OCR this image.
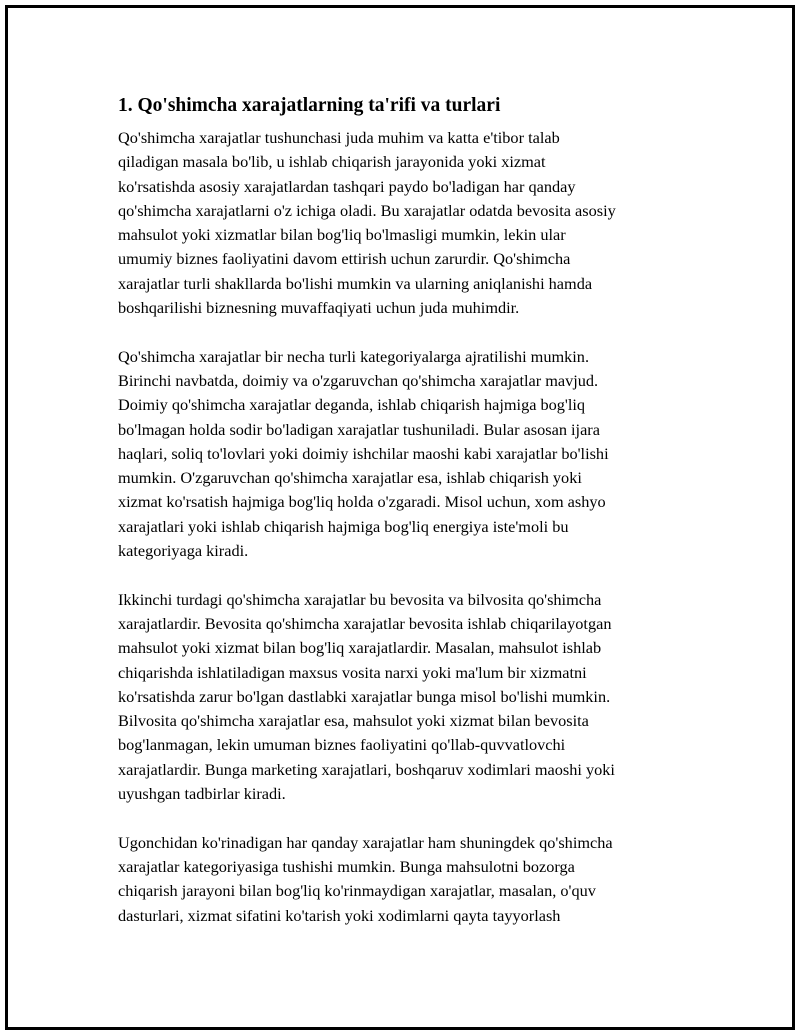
1. Qo'shimcha xarajatlarning ta'rifi va turlari
Qo'shimcha xarajatlar tushunchasi juda muhim va katta e'tibor talab
qiladigan masala bo'lib, u ishlab chiqarish jarayonida yoki xizmat
ko'rsatishda asosiy xarajatlardan tashqari paydo bo'ladigan har qanday
qo'shimcha xarajatlarni o'z ichiga oladi. Bu xarajatlar odatda bevosita asosiy
mahsulot yoki xizmatlar bilan bog'liq bo'lmasligi mumkin, lekin ular
umumiy biznes faoliyatini davom ettirish uchun zarurdir. Qo'shimcha
xarajatlar turli shakllarda bo'lishi mumkin va ularning aniqlanishi hamda
boshqarilishi biznesning muvaffaqiyati uchun juda muhimdir.
Qo'shimcha xarajatlar bir necha turli kategoriyalarga ajratilishi mumkin.
Birinchi navbatda, doimiy va o'zgaruvchan qo'shimcha xarajatlar mavjud.
Doimiy qo'shimcha xarajatlar deganda, ishlab chiqarish hajmiga bog'liq
bo'lmagan holda sodir bo'ladigan xarajatlar tushuniladi. Bular asosan ijara
haqlari, soliq to'lovlari yoki doimiy ishchilar maoshi kabi xarajatlar bo'lishi
mumkin. O'zgaruvchan qo'shimcha xarajatlar esa, ishlab chiqarish yoki
xizmat ko'rsatish hajmiga bog'liq holda o'zgaradi. Misol uchun, xom ashyo
xarajatlari yoki ishlab chiqarish hajmiga bog'liq energiya iste'moli bu
kategoriyaga kiradi.
Ikkinchi turdagi qo'shimcha xarajatlar bu bevosita va bilvosita qo'shimcha
xarajatlardir. Bevosita qo'shimcha xarajatlar bevosita ishlab chiqarilayotgan
mahsulot yoki xizmat bilan bog'liq xarajatlardir. Masalan, mahsulot ishlab
chiqarishda ishlatiladigan maxsus vosita narxi yoki ma'lum bir xizmatni
ko'rsatishda zarur bo'lgan dastlabki xarajatlar bunga misol bo'lishi mumkin.
Bilvosita qo'shimcha xarajatlar esa, mahsulot yoki xizmat bilan bevosita
bog'lanmagan, lekin umuman biznes faoliyatini qo'llab-quvvatlovchi
xarajatlardir. Bunga marketing xarajatlari, boshqaruv xodimlari maoshi yoki
uyushgan tadbirlar kiradi.
Ugonchidan ko'rinadigan har qanday xarajatlar ham shuningdek qo'shimcha
xarajatlar kategoriyasiga tushishi mumkin. Bunga mahsulotni bozorga
chiqarish jarayoni bilan bog'liq ko'rinmaydigan xarajatlar, masalan, o'quv
dasturlari, xizmat sifatini ko'tarish yoki xodimlarni qayta tayyorlash
